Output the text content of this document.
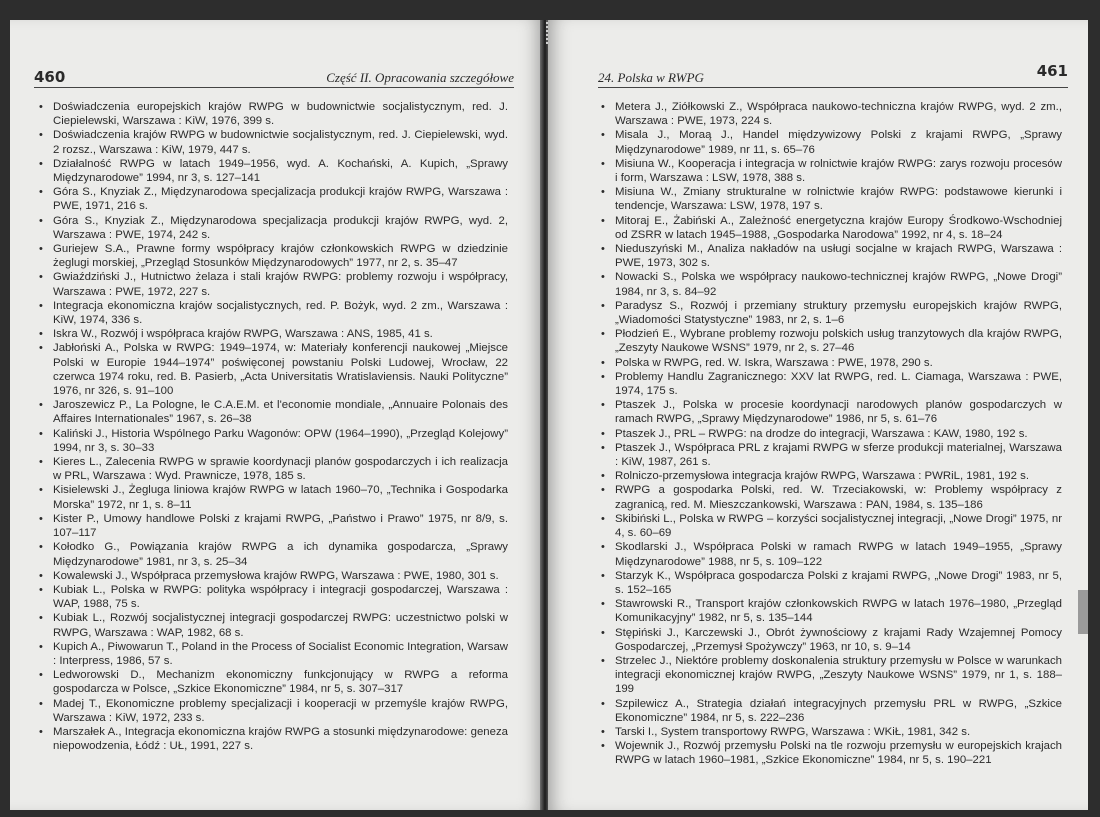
460	Część II. Opracowania szczegółowe
• Doświadczenia europejskich krajów RWPG w budownictwie socjalistycznym, red. J. Ciepielewski, Warszawa : KiW, 1976, 399 s.
• Doświadczenia krajów RWPG w budownictwie socjalistycznym, red. J. Ciepielewski, wyd. 2 rozsz., Warszawa : KiW, 1979, 447 s.
• Działalność RWPG w latach 1949–1956, wyd. A. Kochański, A. Kupich, „Sprawy Międzynarodowe” 1994, nr 3, s. 127–141
• Góra S., Knyziak Z., Międzynarodowa specjalizacja produkcji krajów RWPG, Warszawa : PWE, 1971, 216 s.
• Góra S., Knyziak Z., Międzynarodowa specjalizacja produkcji krajów RWPG, wyd. 2, Warszawa : PWE, 1974, 242 s.
• Guriejew S.A., Prawne formy współpracy krajów członkowskich RWPG w dziedzinie żeglugi morskiej, „Przegląd Stosunków Międzynarodowych” 1977, nr 2, s. 35–47
• Gwiaździński J., Hutnictwo żelaza i stali krajów RWPG: problemy rozwoju i współpracy, Warszawa : PWE, 1972, 227 s.
• Integracja ekonomiczna krajów socjalistycznych, red. P. Bożyk, wyd. 2 zm., Warszawa : KiW, 1974, 336 s.
• Iskra W., Rozwój i współpraca krajów RWPG, Warszawa : ANS, 1985, 41 s.
• Jabłoński A., Polska w RWPG: 1949–1974, w: Materiały konferencji naukowej „Miejsce Polski w Europie 1944–1974” poświęconej powstaniu Polski Ludowej, Wrocław, 22 czerwca 1974 roku, red. B. Pasierb, „Acta Universitatis Wratislaviensis. Nauki Polityczne” 1976, nr 326, s. 91–100
• Jaroszewicz P., La Pologne, le C.A.E.M. et l'economie mondiale, „Annuaire Polonais des Affaires Internationales” 1967, s. 26–38
• Kaliński J., Historia Wspólnego Parku Wagonów: OPW (1964–1990), „Przegląd Kolejowy” 1994, nr 3, s. 30–33
• Kieres L., Zalecenia RWPG w sprawie koordynacji planów gospodarczych i ich realizacja w PRL, Warszawa : Wyd. Prawnicze, 1978, 185 s.
• Kisielewski J., Żegluga liniowa krajów RWPG w latach 1960–70, „Technika i Gospodarka Morska” 1972, nr 1, s. 8–11
• Kister P., Umowy handlowe Polski z krajami RWPG, „Państwo i Prawo” 1975, nr 8/9, s. 107–117
• Kołodko G., Powiązania krajów RWPG a ich dynamika gospodarcza, „Sprawy Międzynarodowe” 1981, nr 3, s. 25–34
• Kowalewski J., Współpraca przemysłowa krajów RWPG, Warszawa : PWE, 1980, 301 s.
• Kubiak L., Polska w RWPG: polityka współpracy i integracji gospodarczej, Warszawa : WAP, 1988, 75 s.
• Kubiak L., Rozwój socjalistycznej integracji gospodarczej RWPG: uczestnictwo polski w RWPG, Warszawa : WAP, 1982, 68 s.
• Kupich A., Piwowarun T., Poland in the Process of Socialist Economic Integration, Warsaw : Interpress, 1986, 57 s.
• Ledworowski D., Mechanizm ekonomiczny funkcjonujący w RWPG a reforma gospodarcza w Polsce, „Szkice Ekonomiczne” 1984, nr 5, s. 307–317
• Madej T., Ekonomiczne problemy specjalizacji i kooperacji w przemyśle krajów RWPG, Warszawa : KiW, 1972, 233 s.
• Marszałek A., Integracja ekonomiczna krajów RWPG a stosunki międzynarodowe: geneza niepowodzenia, Łódź : UŁ, 1991, 227 s.
24. Polska w RWPG	461
• Metera J., Ziółkowski Z., Współpraca naukowo-techniczna krajów RWPG, wyd. 2 zm., Warszawa : PWE, 1973, 224 s.
• Misala J., Moraą J., Handel międzywizowy Polski z krajami RWPG, „Sprawy Międzynarodowe” 1989, nr 11, s. 65–76
• Misiuna W., Kooperacja i integracja w rolnictwie krajów RWPG: zarys rozwoju procesów i form, Warszawa : LSW, 1978, 388 s.
• Misiuna W., Zmiany strukturalne w rolnictwie krajów RWPG: podstawowe kierunki i tendencje, Warszawa: LSW, 1978, 197 s.
• Mitoraj E., Żabiński A., Zależność energetyczna krajów Europy Środkowo-Wschodniej od ZSRR w latach 1945–1988, „Gospodarka Narodowa” 1992, nr 4, s. 18–24
• Nieduszyński M., Analiza nakładów na usługi socjalne w krajach RWPG, Warszawa : PWE, 1973, 302 s.
• Nowacki S., Polska we współpracy naukowo-technicznej krajów RWPG, „Nowe Drogi” 1984, nr 3, s. 84–92
• Paradysz S., Rozwój i przemiany struktury przemysłu europejskich krajów RWPG, „Wiadomości Statystyczne” 1983, nr 2, s. 1–6
• Płodzień E., Wybrane problemy rozwoju polskich usług tranzytowych dla krajów RWPG, „Zeszyty Naukowe WSNS” 1979, nr 2, s. 27–46
• Polska w RWPG, red. W. Iskra, Warszawa : PWE, 1978, 290 s.
• Problemy Handlu Zagranicznego: XXV lat RWPG, red. L. Ciamaga, Warszawa : PWE, 1974, 175 s.
• Ptaszek J., Polska w procesie koordynacji narodowych planów gospodarczych w ramach RWPG, „Sprawy Międzynarodowe” 1986, nr 5, s. 61–76
• Ptaszek J., PRL – RWPG: na drodze do integracji, Warszawa : KAW, 1980, 192 s.
• Ptaszek J., Współpraca PRL z krajami RWPG w sferze produkcji materialnej, Warszawa : KiW, 1987, 261 s.
• Rolniczo-przemysłowa integracja krajów RWPG, Warszawa : PWRiL, 1981, 192 s.
• RWPG a gospodarka Polski, red. W. Trzeciakowski, w: Problemy współpracy z zagranicą, red. M. Mieszczankowski, Warszawa : PAN, 1984, s. 135–186
• Skibiński L., Polska w RWPG – korzyści socjalistycznej integracji, „Nowe Drogi” 1975, nr 4, s. 60–69
• Skodlarski J., Współpraca Polski w ramach RWPG w latach 1949–1955, „Sprawy Międzynarodowe” 1988, nr 5, s. 109–122
• Starzyk K., Współpraca gospodarcza Polski z krajami RWPG, „Nowe Drogi” 1983, nr 5, s. 152–165
• Stawrowski R., Transport krajów członkowskich RWPG w latach 1976–1980, „Przegląd Komunikacyjny” 1982, nr 5, s. 135–144
• Stępiński J., Karczewski J., Obrót żywnościowy z krajami Rady Wzajemnej Pomocy Gospodarczej, „Przemysł Spożywczy” 1963, nr 10, s. 9–14
• Strzelec J., Niektóre problemy doskonalenia struktury przemysłu w Polsce w warunkach integracji ekonomicznej krajów RWPG, „Zeszyty Naukowe WSNS” 1979, nr 1, s. 188–199
• Szpilewicz A., Strategia działań integracyjnych przemysłu PRL w RWPG, „Szkice Ekonomiczne” 1984, nr 5, s. 222–236
• Tarski I., System transportowy RWPG, Warszawa : WKiŁ, 1981, 342 s.
• Wojewnik J., Rozwój przemysłu Polski na tle rozwoju przemysłu w europejskich krajach RWPG w latach 1960–1981, „Szkice Ekonomiczne” 1984, nr 5, s. 190–221
